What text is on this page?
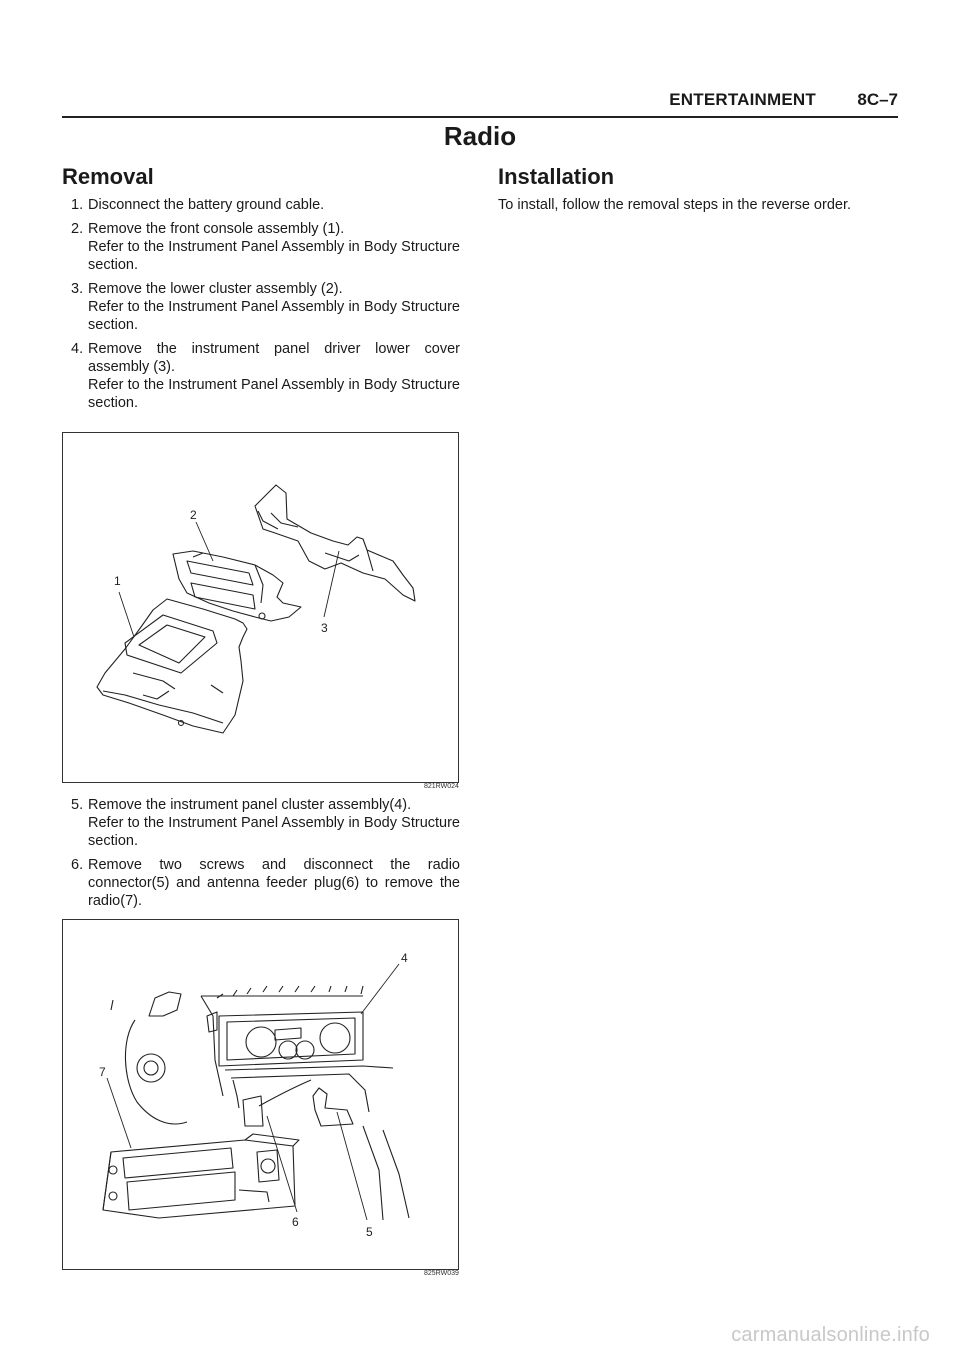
ENTERTAINMENT 8C–7
Radio
Removal
1. Disconnect the battery ground cable.
2. Remove the front console assembly (1).
Refer to the Instrument Panel Assembly in Body Structure section.
3. Remove the lower cluster assembly (2).
Refer to the Instrument Panel Assembly in Body Structure section.
4. Remove the instrument panel driver lower cover assembly (3).
Refer to the Instrument Panel Assembly in Body Structure section.
Installation

To install, follow the removal steps in the reverse order.

2
3
1
821RW024
5. Remove the instrument panel cluster assembly(4).
Refer to the Instrument Panel Assembly in Body Structure section.
6. Remove two screws and disconnect the radio connector(5) and antenna feeder plug(6) to remove the radio(7).
4
5
6
7
825RW039
carmanualsonline.info
